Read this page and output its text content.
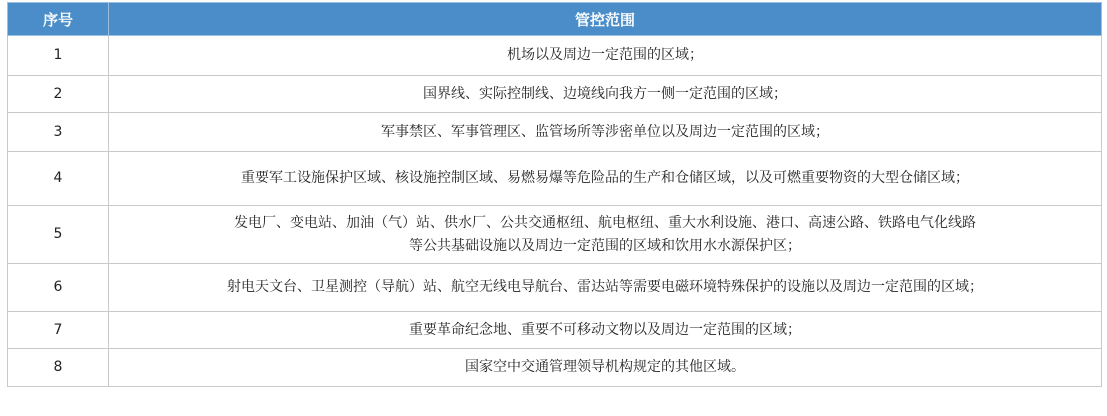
序号	管控范围
1	机场以及周边一定范围的区域；
2	国界线、实际控制线、边境线向我方一侧一定范围的区域；
3	军事禁区、军事管理区、监管场所等涉密单位以及周边一定范围的区域；
4	重要军工设施保护区域、核设施控制区域、易燃易爆等危险品的生产和仓储区域，以及可燃重要物资的大型仓储区域；
5	发电厂、变电站、加油（气）站、供水厂、公共交通枢纽、航电枢纽、重大水利设施、港口、高速公路、铁路电气化线路
等公共基础设施以及周边一定范围的区域和饮用水水源保护区；

6	射电天文台、卫星测控（导航）站、航空无线电导航台、雷达站等需要电磁环境特殊保护的设施以及周边一定范围的区域；
7	重要革命纪念地、重要不可移动文物以及周边一定范围的区域；
8	国家空中交通管理领导机构规定的其他区域。
